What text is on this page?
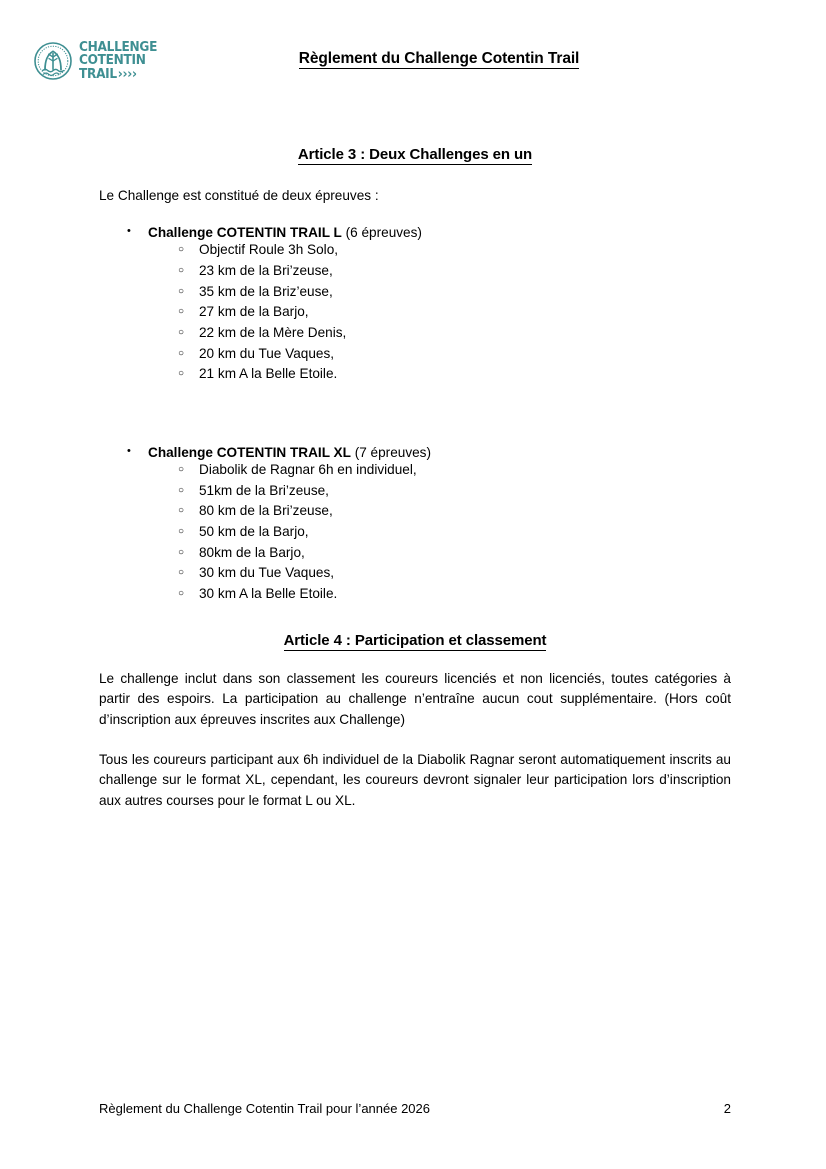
CHALLENGE
COTENTIN
TRAIL ››››
Règlement du Challenge Cotentin Trail
Article 3 : Deux Challenges en un
Le Challenge est constitué de deux épreuves :
• Challenge COTENTIN TRAIL L (6 épreuves)
○ Objectif Roule 3h Solo,
○ 23 km de la Bri’zeuse,
○ 35 km de la Briz’euse,
○ 27 km de la Barjo,
○ 22 km de la Mère Denis,
○ 20 km du Tue Vaques,
○ 21 km A la Belle Etoile.
• Challenge COTENTIN TRAIL XL (7 épreuves)
○ Diabolik de Ragnar 6h en individuel,
○ 51km de la Bri’zeuse,
○ 80 km de la Bri’zeuse,
○ 50 km de la Barjo,
○ 80km de la Barjo,
○ 30 km du Tue Vaques,
○ 30 km A la Belle Etoile.
Article 4 : Participation et classement
Le challenge inclut dans son classement les coureurs licenciés et non licenciés, toutes catégories à partir des espoirs. La participation au challenge n’entraîne aucun cout supplémentaire. (Hors coût d’inscription aux épreuves inscrites aux Challenge)
Tous les coureurs participant aux 6h individuel de la Diabolik Ragnar seront automatiquement inscrits au challenge sur le format XL, cependant, les coureurs devront signaler leur participation lors d’inscription aux autres courses pour le format L ou XL.
Règlement du Challenge Cotentin Trail pour l’année 2026	2
